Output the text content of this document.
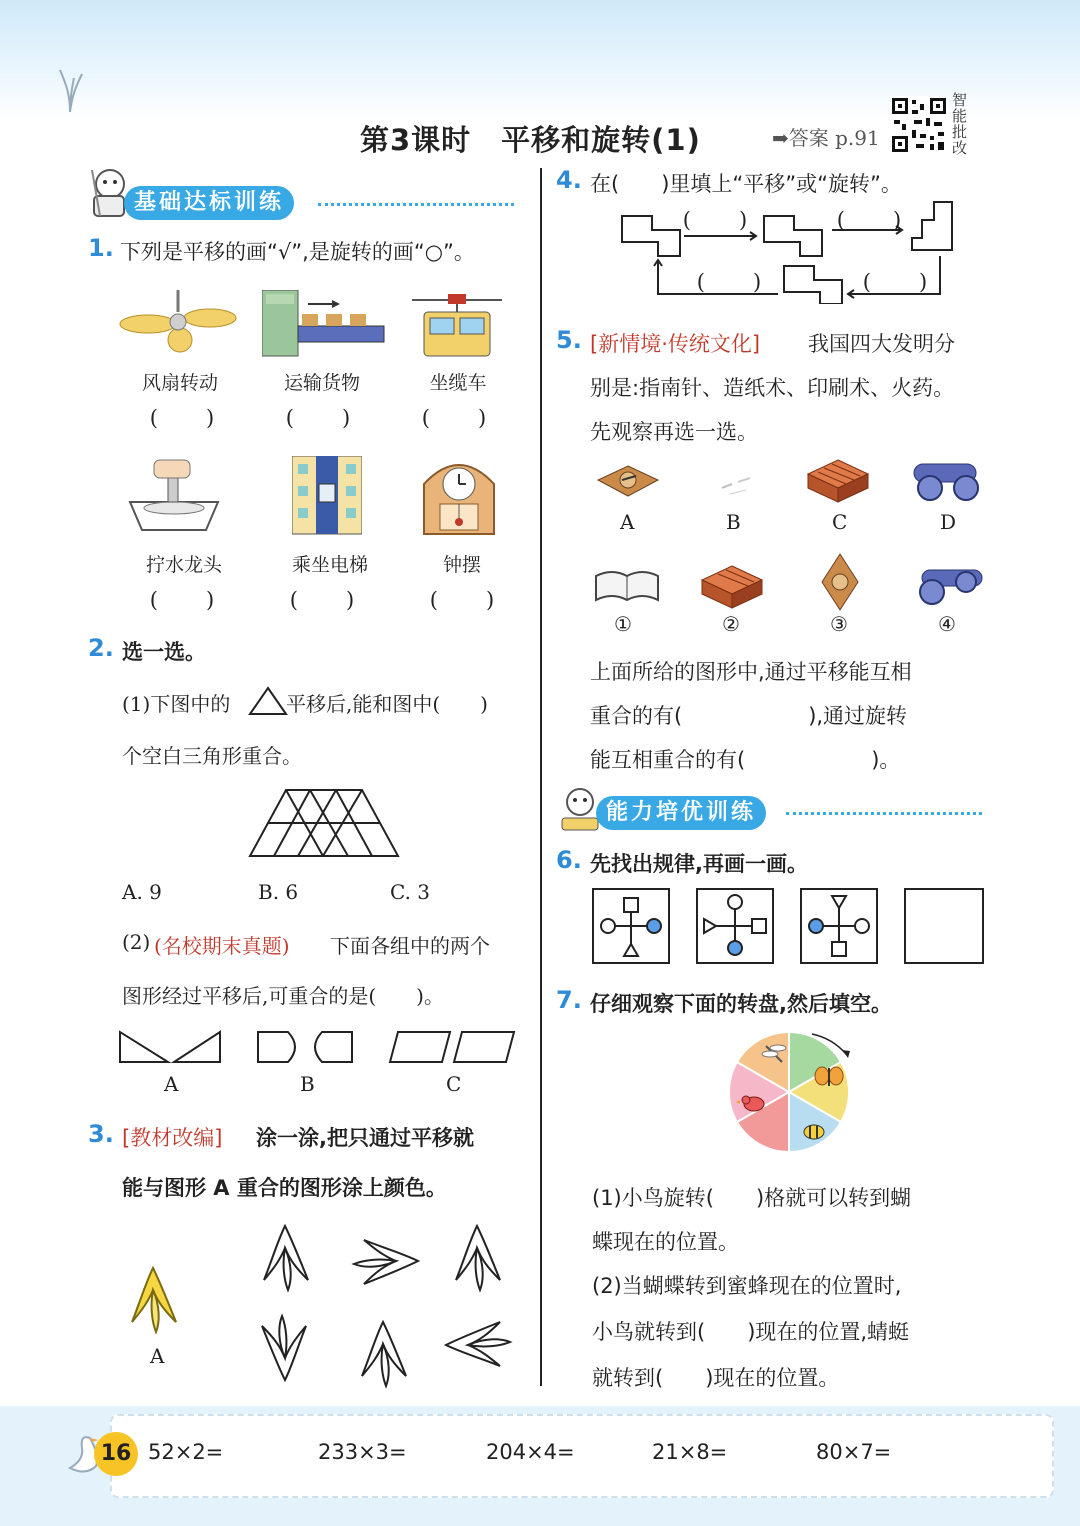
第3课时　平移和旋转(1)	➡答案 p.91
智能批改
基础达标训练
1. 下列是平移的画“√”,是旋转的画“○”。
风扇转动	运输货物	坐缆车
(　　)	(　　)	(　　)
拧水龙头	乘坐电梯	钟摆
(　　)	(　　)	(　　)
2. 选一选。
(1)下图中的	平移后,能和图中(　　)
个空白三角形重合。
A. 9	B. 6	C. 3
(2) (名校期末真题) 下面各组中的两个
图形经过平移后,可重合的是(　　)。
A	B	C
3. [教材改编] 涂一涂,把只通过平移就
能与图形 A 重合的图形涂上颜色。
A
4. 在(　　)里填上“平移”或“旋转”。
(　　)	(　　)
(　　)	(　　)
5. [新情境·传统文化] 我国四大发明分
别是:指南针、造纸术、印刷术、火药。
先观察再选一选。
A	B	C	D
①	②	③	④
上面所给的图形中,通过平移能互相
重合的有(　　　　　　),通过旋转
能互相重合的有(　　　　　　)。
能力培优训练
6. 先找出规律,再画一画。
7. 仔细观察下面的转盘,然后填空。
(1)小鸟旋转(　　)格就可以转到蝴
蝶现在的位置。
(2)当蝴蝶转到蜜蜂现在的位置时,
小鸟就转到(　　)现在的位置,蜻蜓
就转到(　　)现在的位置。
16 52×2=	233×3=	204×4=	21×8=	80×7=
